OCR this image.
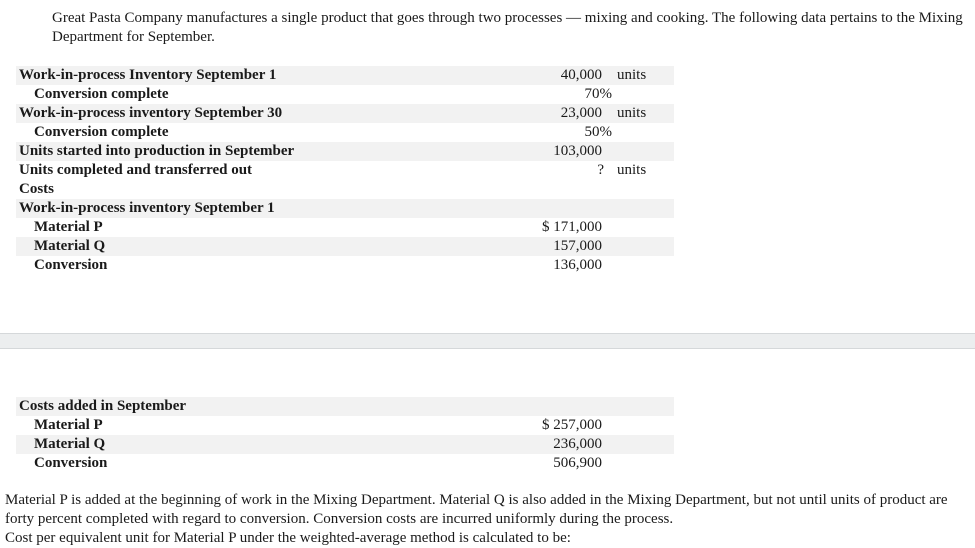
Great Pasta Company manufactures a single product that goes through two processes — mixing and cooking. The following data pertains to the Mixing Department for September.
Work-in-process Inventory September 1	40,000 units
Conversion complete	70%
Work-in-process inventory September 30	23,000 units
Conversion complete	50%
Units started into production in September	103,000
Units completed and transferred out	? units
Costs
Work-in-process inventory September 1
Material P	$ 171,000
Material Q	157,000
Conversion	136,000
Costs added in September
Material P	$ 257,000
Material Q	236,000
Conversion	506,900

Material P is added at the beginning of work in the Mixing Department. Material Q is also added in the Mixing Department, but not until units of product are forty percent completed with regard to conversion. Conversion costs are incurred uniformly during the process.

Cost per equivalent unit for Material P under the weighted-average method is calculated to be:
